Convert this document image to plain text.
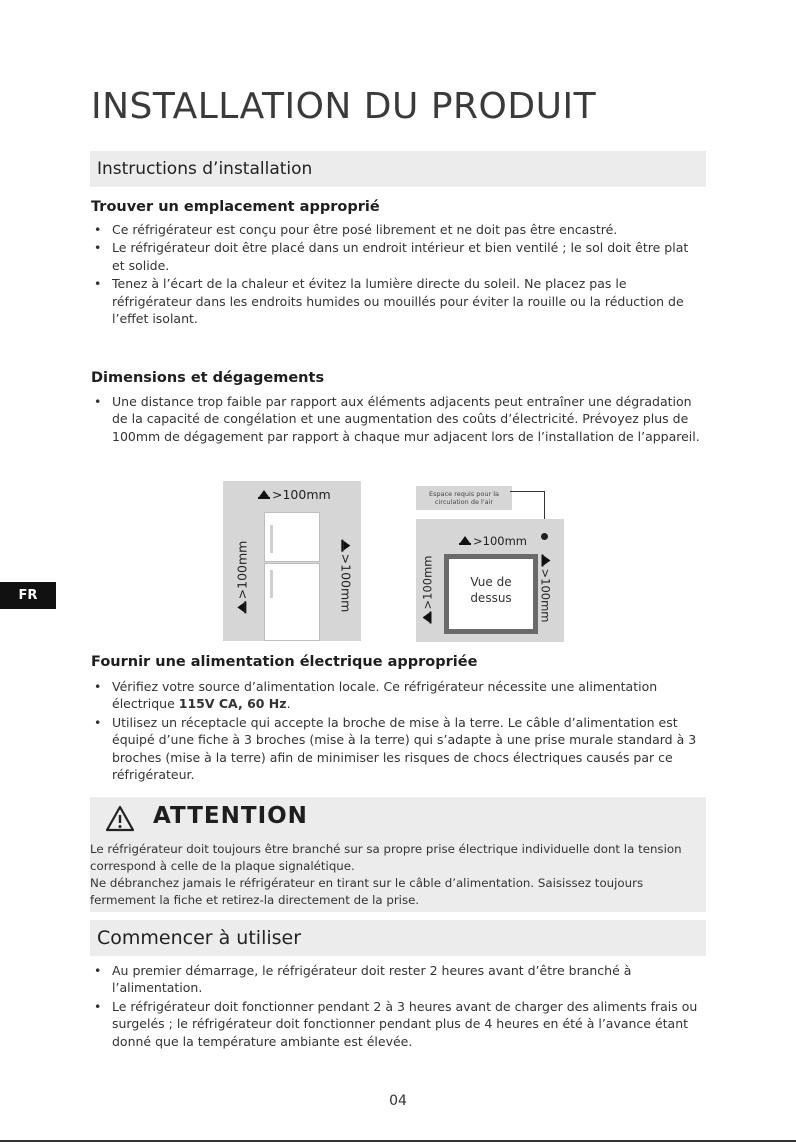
INSTALLATION DU PRODUIT
Instructions d’installation
Trouver un emplacement approprié
• Ce réfrigérateur est conçu pour être posé librement et ne doit pas être encastré.
• Le réfrigérateur doit être placé dans un endroit intérieur et bien ventilé ; le sol doit être plat et solide.
• Tenez à l’écart de la chaleur et évitez la lumière directe du soleil. Ne placez pas le réfrigérateur dans les endroits humides ou mouillés pour éviter la rouille ou la réduction de l’effet isolant.
Dimensions et dégagements
• Une distance trop faible par rapport aux éléments adjacents peut entraîner une dégradation de la capacité de congélation et une augmentation des coûts d’électricité. Prévoyez plus de 100mm de dégagement par rapport à chaque mur adjacent lors de l’installation de l’appareil.
FR
>100mm
>100mm	>100mm
Espace requis pour la circulation de l'air
>100mm
Vue de dessus
>100mm	>100mm
Fournir une alimentation électrique appropriée
• Vérifiez votre source d’alimentation locale. Ce réfrigérateur nécessite une alimentation électrique 115V CA, 60 Hz.
• Utilisez un réceptacle qui accepte la broche de mise à la terre. Le câble d’alimentation est équipé d’une fiche à 3 broches (mise à la terre) qui s’adapte à une prise murale standard à 3 broches (mise à la terre) afin de minimiser les risques de chocs électriques causés par ce réfrigérateur.
ATTENTION
Le réfrigérateur doit toujours être branché sur sa propre prise électrique individuelle dont la tension correspond à celle de la plaque signalétique.
Ne débranchez jamais le réfrigérateur en tirant sur le câble d’alimentation. Saisissez toujours fermement la fiche et retirez-la directement de la prise.
Commencer à utiliser
• Au premier démarrage, le réfrigérateur doit rester 2 heures avant d’être branché à l’alimentation.
• Le réfrigérateur doit fonctionner pendant 2 à 3 heures avant de charger des aliments frais ou surgelés ; le réfrigérateur doit fonctionner pendant plus de 4 heures en été à l’avance étant donné que la température ambiante est élevée.
04
